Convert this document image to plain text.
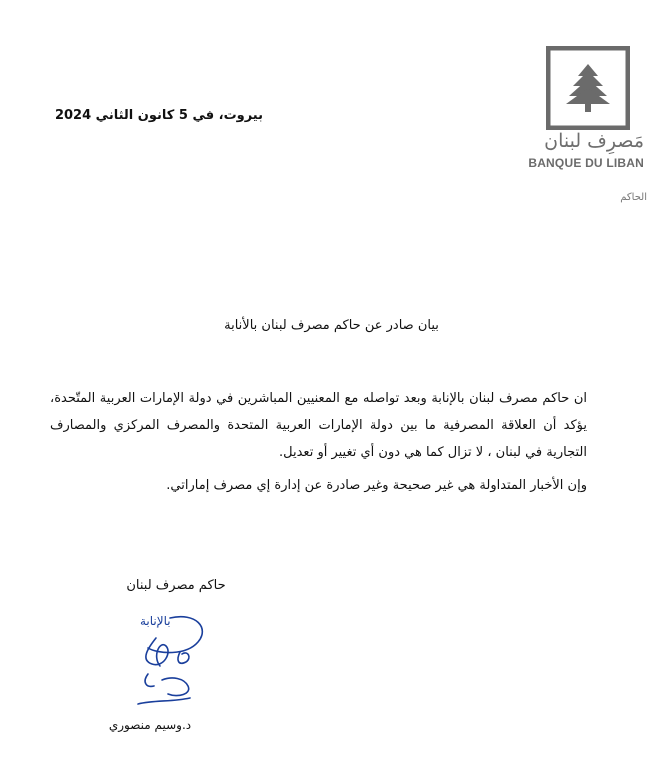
مَصرِف لبنان
BANQUE DU LIBAN
الحاكم
بيروت، في 5 كانون الثاني 2024
بيان صادر عن حاكم مصرف لبنان بالأنابة

ان حاكم مصرف لبنان بالإنابة وبعد تواصله مع المعنيين المباشرين في دولة الإمارات العربية المتّحدة، يؤكد أن العلاقة المصرفية ما بين دولة الإمارات العربية المتحدة والمصرف المركزي والمصارف التجارية في لبنان ، لا تزال كما هي دون أي تغيير أو تعديل.

وإن الأخبار المتداولة هي غير صحيحة وغير صادرة عن إدارة إي مصرف إماراتي.

حاكم مصرف لبنان
بالإنابة
د.وسيم منصوري
